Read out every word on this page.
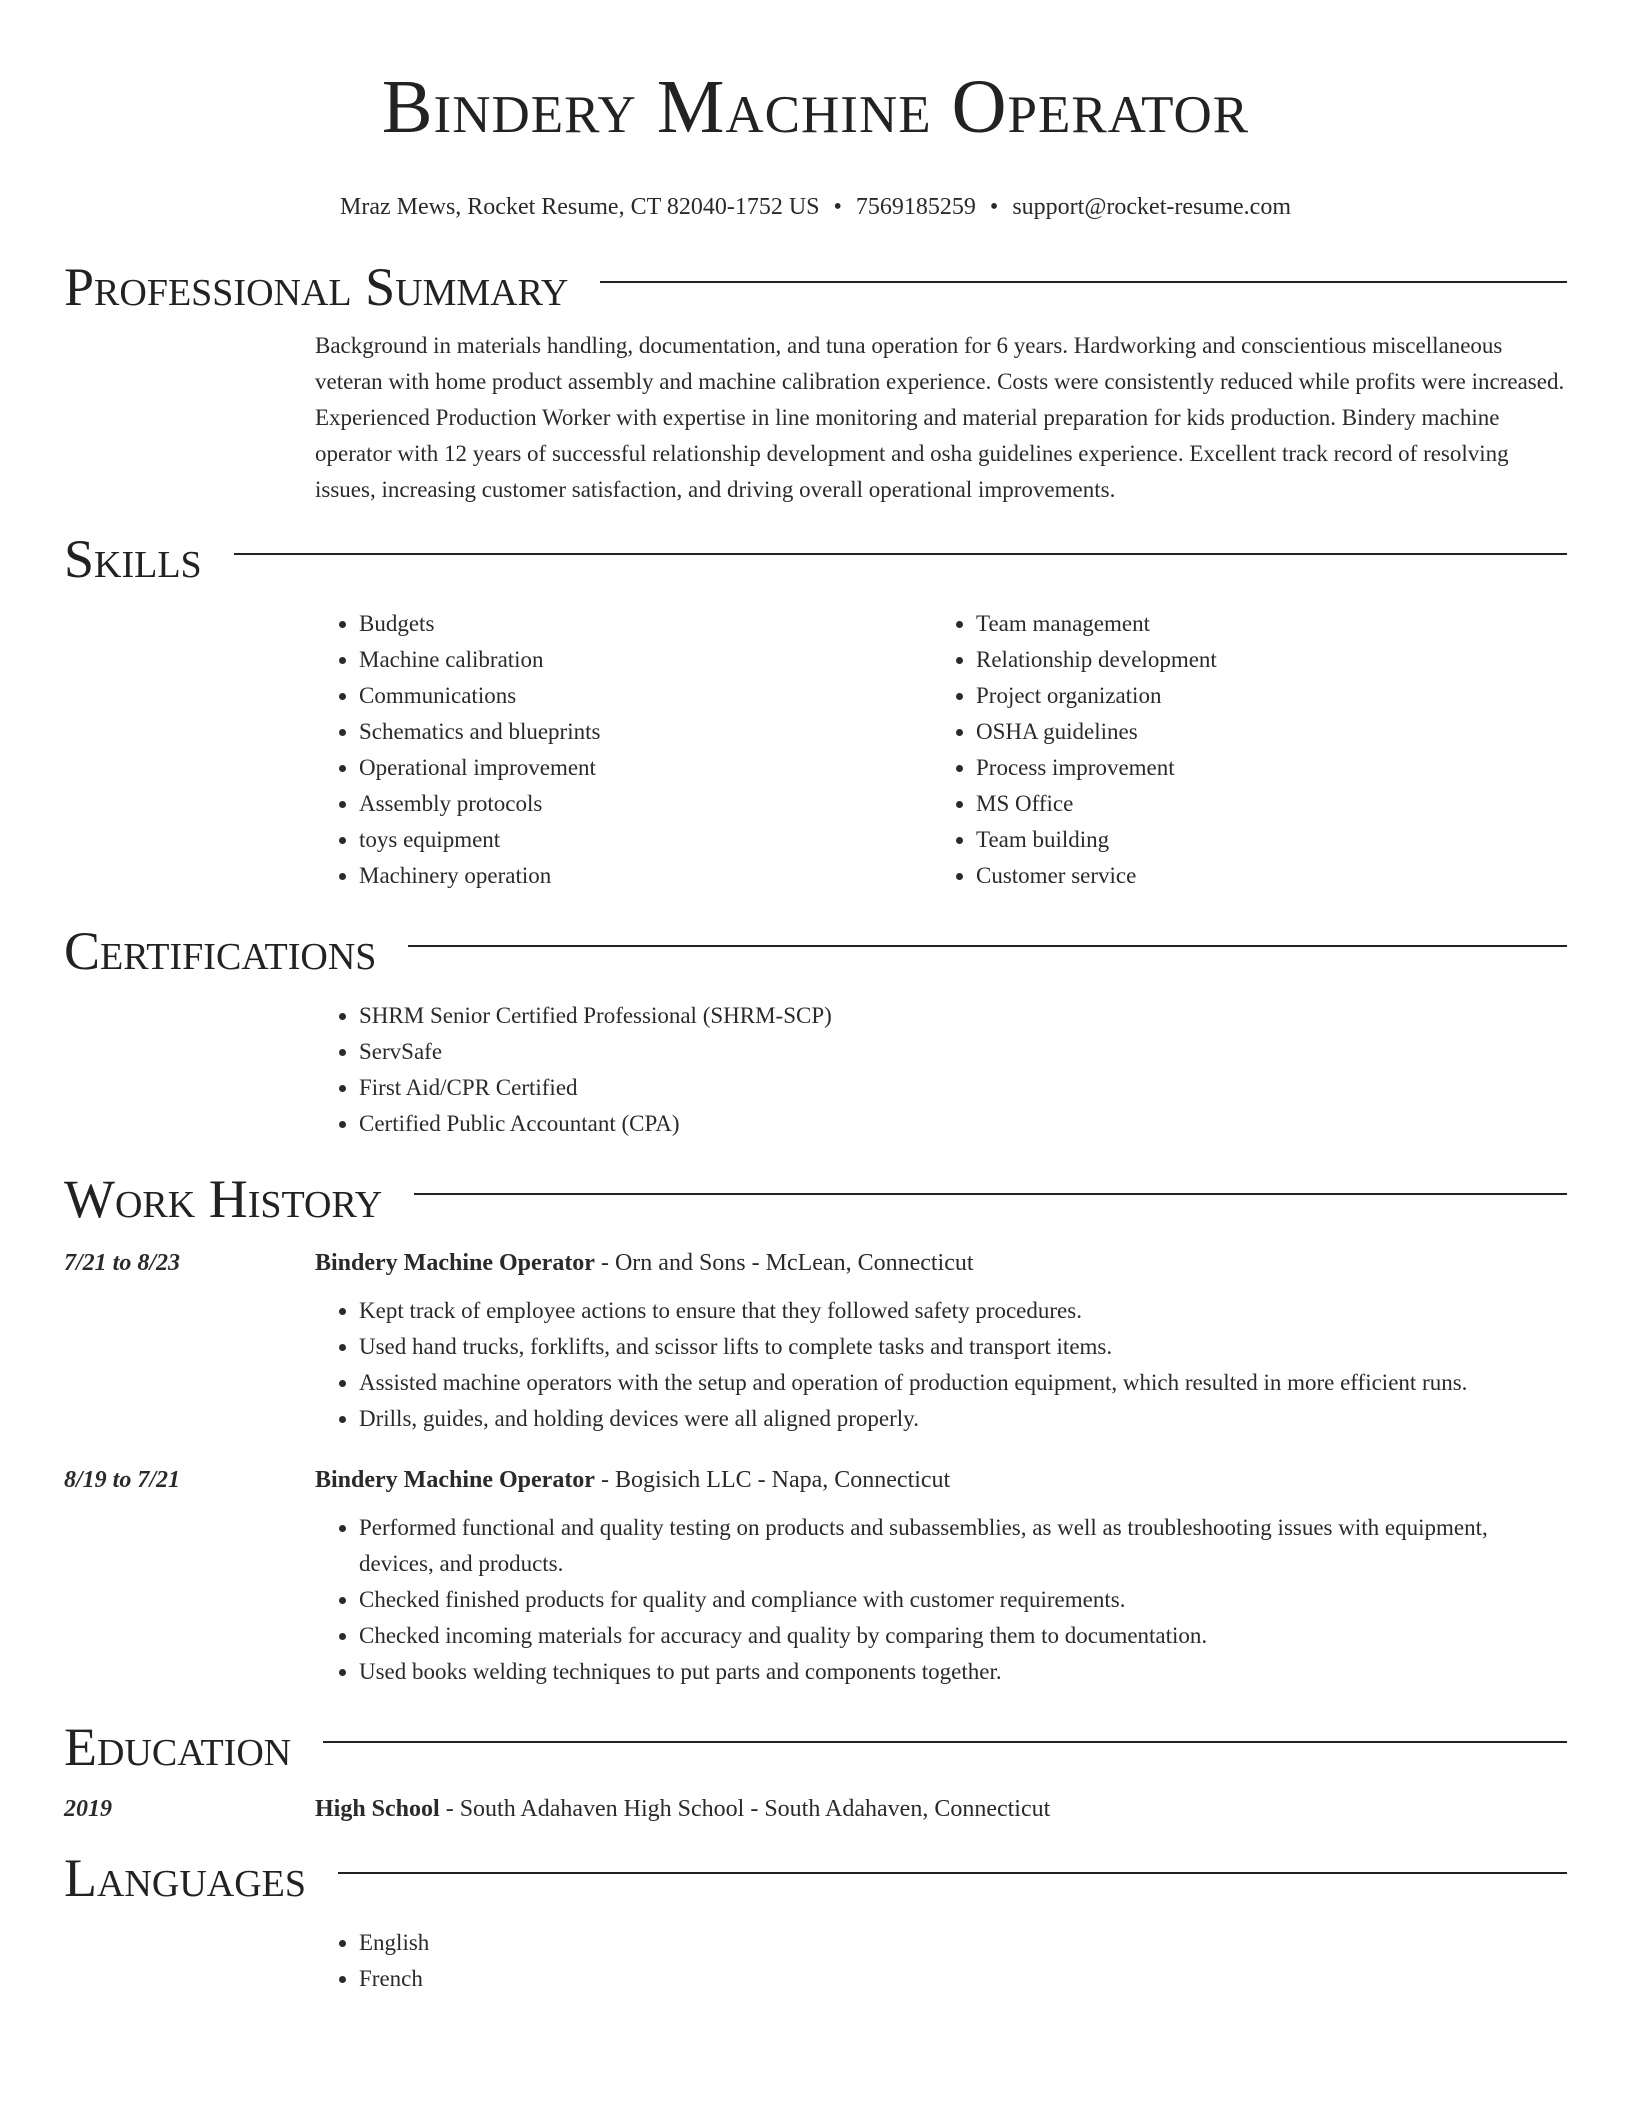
Bindery Machine Operator
Mraz Mews, Rocket Resume, CT 82040-1752 US • 7569185259 • support@rocket-resume.com
Professional Summary
Background in materials handling, documentation, and tuna operation for 6 years. Hardworking and conscientious miscellaneous veteran with home product assembly and machine calibration experience. Costs were consistently reduced while profits were increased. Experienced Production Worker with expertise in line monitoring and material preparation for kids production. Bindery machine operator with 12 years of successful relationship development and osha guidelines experience. Excellent track record of resolving issues, increasing customer satisfaction, and driving overall operational improvements.
Skills
• Budgets
• Machine calibration
• Communications
• Schematics and blueprints
• Operational improvement
• Assembly protocols
• toys equipment
• Machinery operation
• Team management
• Relationship development
• Project organization
• OSHA guidelines
• Process improvement
• MS Office
• Team building
• Customer service
Certifications
• SHRM Senior Certified Professional (SHRM-SCP)
• ServSafe
• First Aid/CPR Certified
• Certified Public Accountant (CPA)
Work History
7/21 to 8/23	Bindery Machine Operator - Orn and Sons - McLean, Connecticut
• Kept track of employee actions to ensure that they followed safety procedures.
• Used hand trucks, forklifts, and scissor lifts to complete tasks and transport items.
• Assisted machine operators with the setup and operation of production equipment, which resulted in more efficient runs.
• Drills, guides, and holding devices were all aligned properly.
8/19 to 7/21	Bindery Machine Operator - Bogisich LLC - Napa, Connecticut
• Performed functional and quality testing on products and subassemblies, as well as troubleshooting issues with equipment, devices, and products.
• Checked finished products for quality and compliance with customer requirements.
• Checked incoming materials for accuracy and quality by comparing them to documentation.
• Used books welding techniques to put parts and components together.
Education
2019	High School - South Adahaven High School - South Adahaven, Connecticut
Languages
• English
• French
